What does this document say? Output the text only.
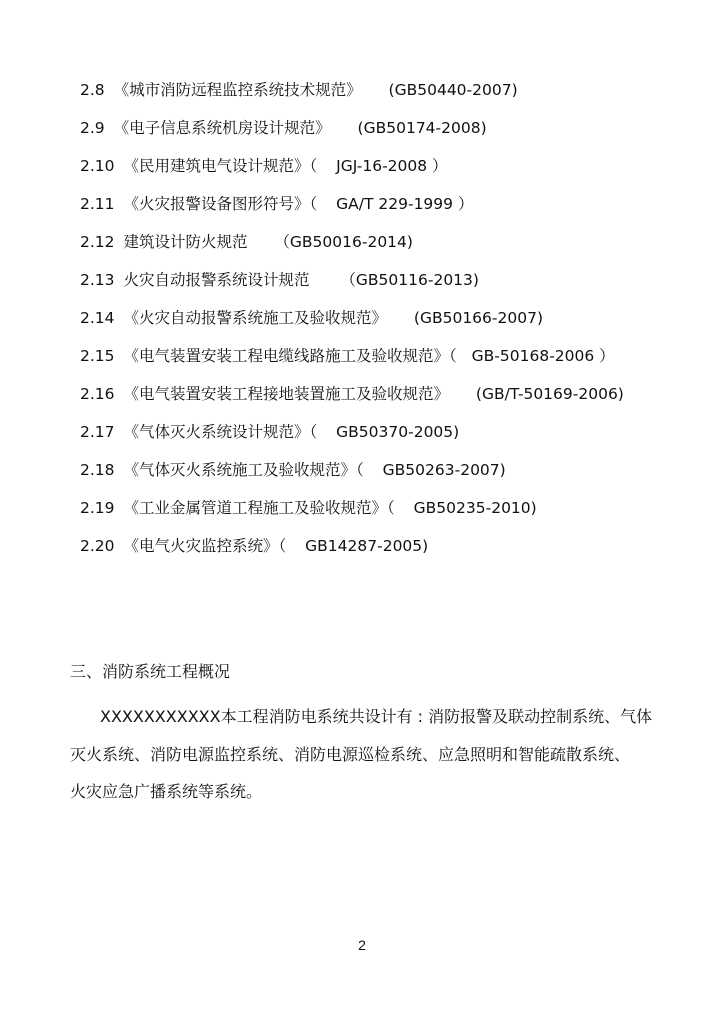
2.8 《城市消防远程监控系统技术规范》 (GB50440-2007)
2.9 《电子信息系统机房设计规范》 (GB50174-2008)
2.10 《民用建筑电气设计规范》（ JGJ-16-2008 ）
2.11 《火灾报警设备图形符号》（ GA/T 229-1999 ）
2.12 建筑设计防火规范 （GB50016-2014)
2.13 火灾自动报警系统设计规范 （GB50116-2013)
2.14 《火灾自动报警系统施工及验收规范》 (GB50166-2007)
2.15 《电气装置安装工程电缆线路施工及验收规范》（ GB-50168-2006 ）
2.16 《电气装置安装工程接地装置施工及验收规范》 (GB/T-50169-2006)
2.17 《气体灭火系统设计规范》（ GB50370-2005)
2.18 《气体灭火系统施工及验收规范》（ GB50263-2007)
2.19 《工业金属管道工程施工及验收规范》（ GB50235-2010)
2.20 《电气火灾监控系统》（ GB14287-2005)
三、消防系统工程概况
XXXXXXXXXXX本工程消防电系统共设计有 : 消防报警及联动控制系统、气体
灭火系统、消防电源监控系统、消防电源巡检系统、应急照明和智能疏散系统、
火灾应急广播系统等系统。
2
